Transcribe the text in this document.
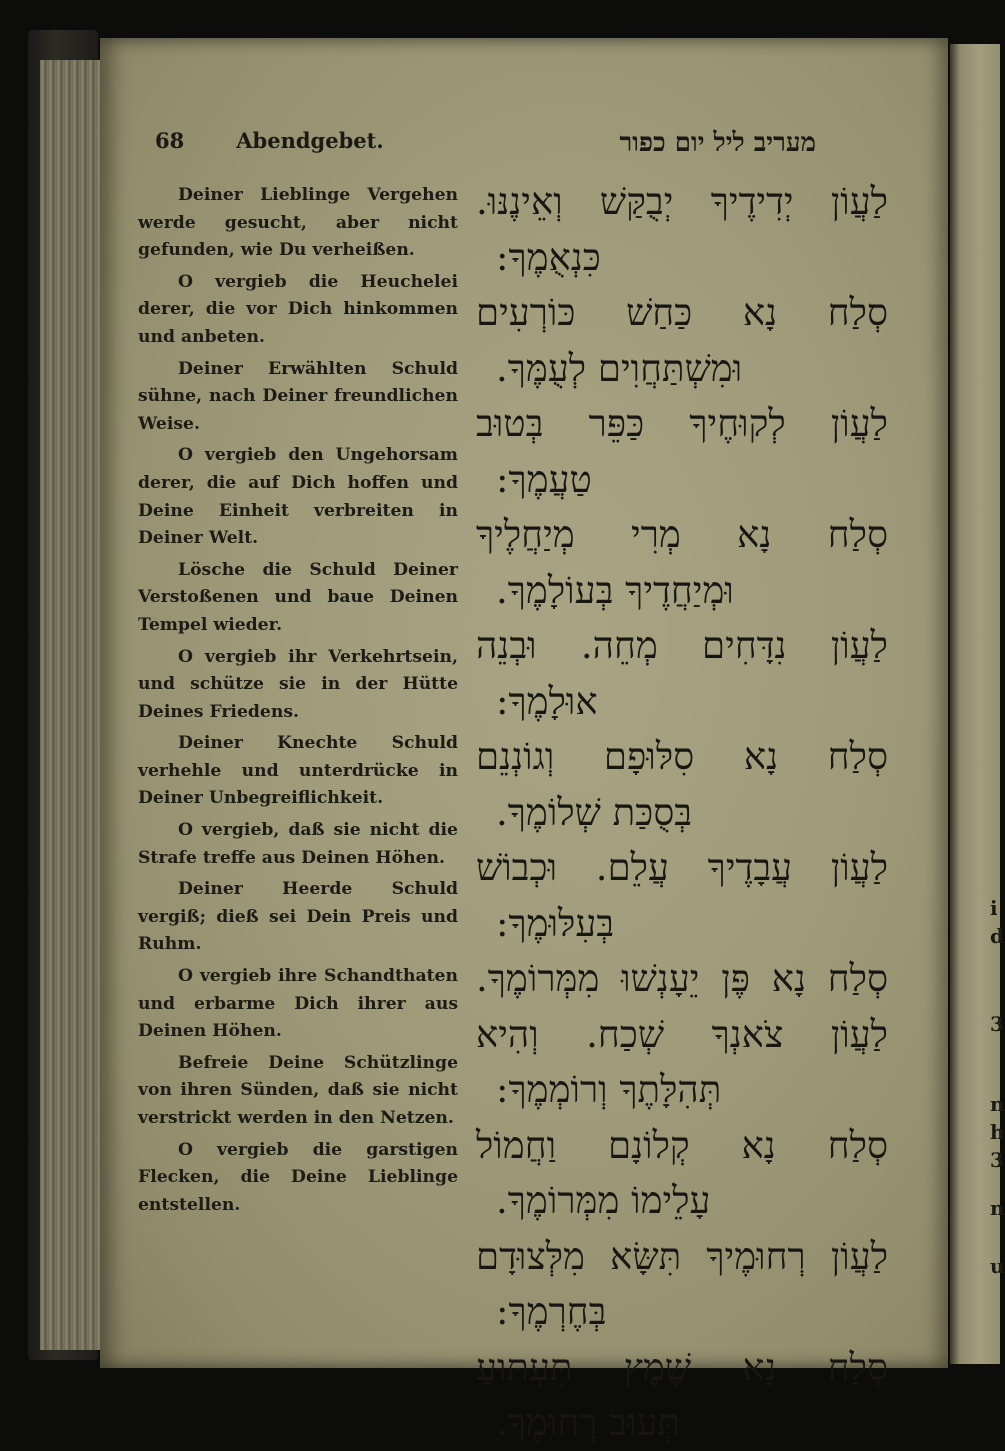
i
d
3
n
h
3
n
u
68 Abendgebet.	מעריב ליל יום כפור

Deiner Lieblinge Vergehen werde gesucht, aber nicht gefunden, wie Du verheißen.

O vergieb die Heuchelei derer, die vor Dich hinkommen und anbeten.

Deiner Erwählten Schuld sühne, nach Deiner freundlichen Weise.

O vergieb den Ungehorsam derer, die auf Dich hoffen und Deine Einheit verbreiten in Deiner Welt.

Lösche die Schuld Deiner Verstoßenen und baue Deinen Tempel wieder.

O vergieb ihr Verkehrtsein, und schütze sie in der Hütte Deines Friedens.

Deiner Knechte Schuld verhehle und unterdrücke in Deiner Unbegreiflichkeit.

O vergieb, daß sie nicht die Strafe treffe aus Deinen Höhen.

Deiner Heerde Schuld vergiß; dieß sei Dein Preis und Ruhm.

O vergieb ihre Schandthaten und erbarme Dich ihrer aus Deinen Höhen.

Befreie Deine Schützlinge von ihren Sünden, daß sie nicht verstrickt werden in den Netzen.

O vergieb die garstigen Flecken, die Deine Lieblinge entstellen.

לַעֲוֹן יְדִידֶיךָ יְבֻקַּשׁ וְאֵינֶנּוּ.
כִּנְאֻמֶךָ:
סְלַח נָא כַּחַשׁ כּוֹרְעִים
וּמִשְׁתַּחֲוִים לְעֻמֶּךָ.
לַעֲוֹן לְקוּחֶיךָ כַּפֵּר בְּטוּב
טַעֲמֶךָ:
סְלַח נָא מְרִי מְיַחֲלֶיךָ
וּמְיַחֲדֶיךָ בְּעוֹלָמֶךָ.
לַעֲוֹן נִדָּחִים מְחֵה. וּבְנֵה
אוּלָמֶךָ:
סְלַח נָא סִלּוּפָם וְגוֹנְנֵם
בְּסֻכַּת שְׁלוֹמֶךָ.
לַעֲוֹן עֲבָדֶיךָ עֲלֵם. וּכְבוֹשׁ
בְּעִלּוּמֶךָ:
סְלַח נָא פֶּן יֵעָנְשׁוּ מִמְּרוֹמֶךָ.
לַעֲוֹן צֹאנְךָ שְׁכַח. וְהִיא
תְּהִלָּתֶךָ וְרוֹמְמֶךָ:
סְלַח נָא קְלוֹנָם וַחֲמוֹל
עָלֵימוֹ מִמְּרוֹמֶךָ.
לַעֲוֹן רְחוּמֶיךָ תִּשָּׂא מִלְּצוּדָם
בְּחֶרְמֶךָ:
סְלַח נָא שֶׁמֶץ תִּעְתּוּעַ
תְּעוּב רְחוּמֶךָ.
